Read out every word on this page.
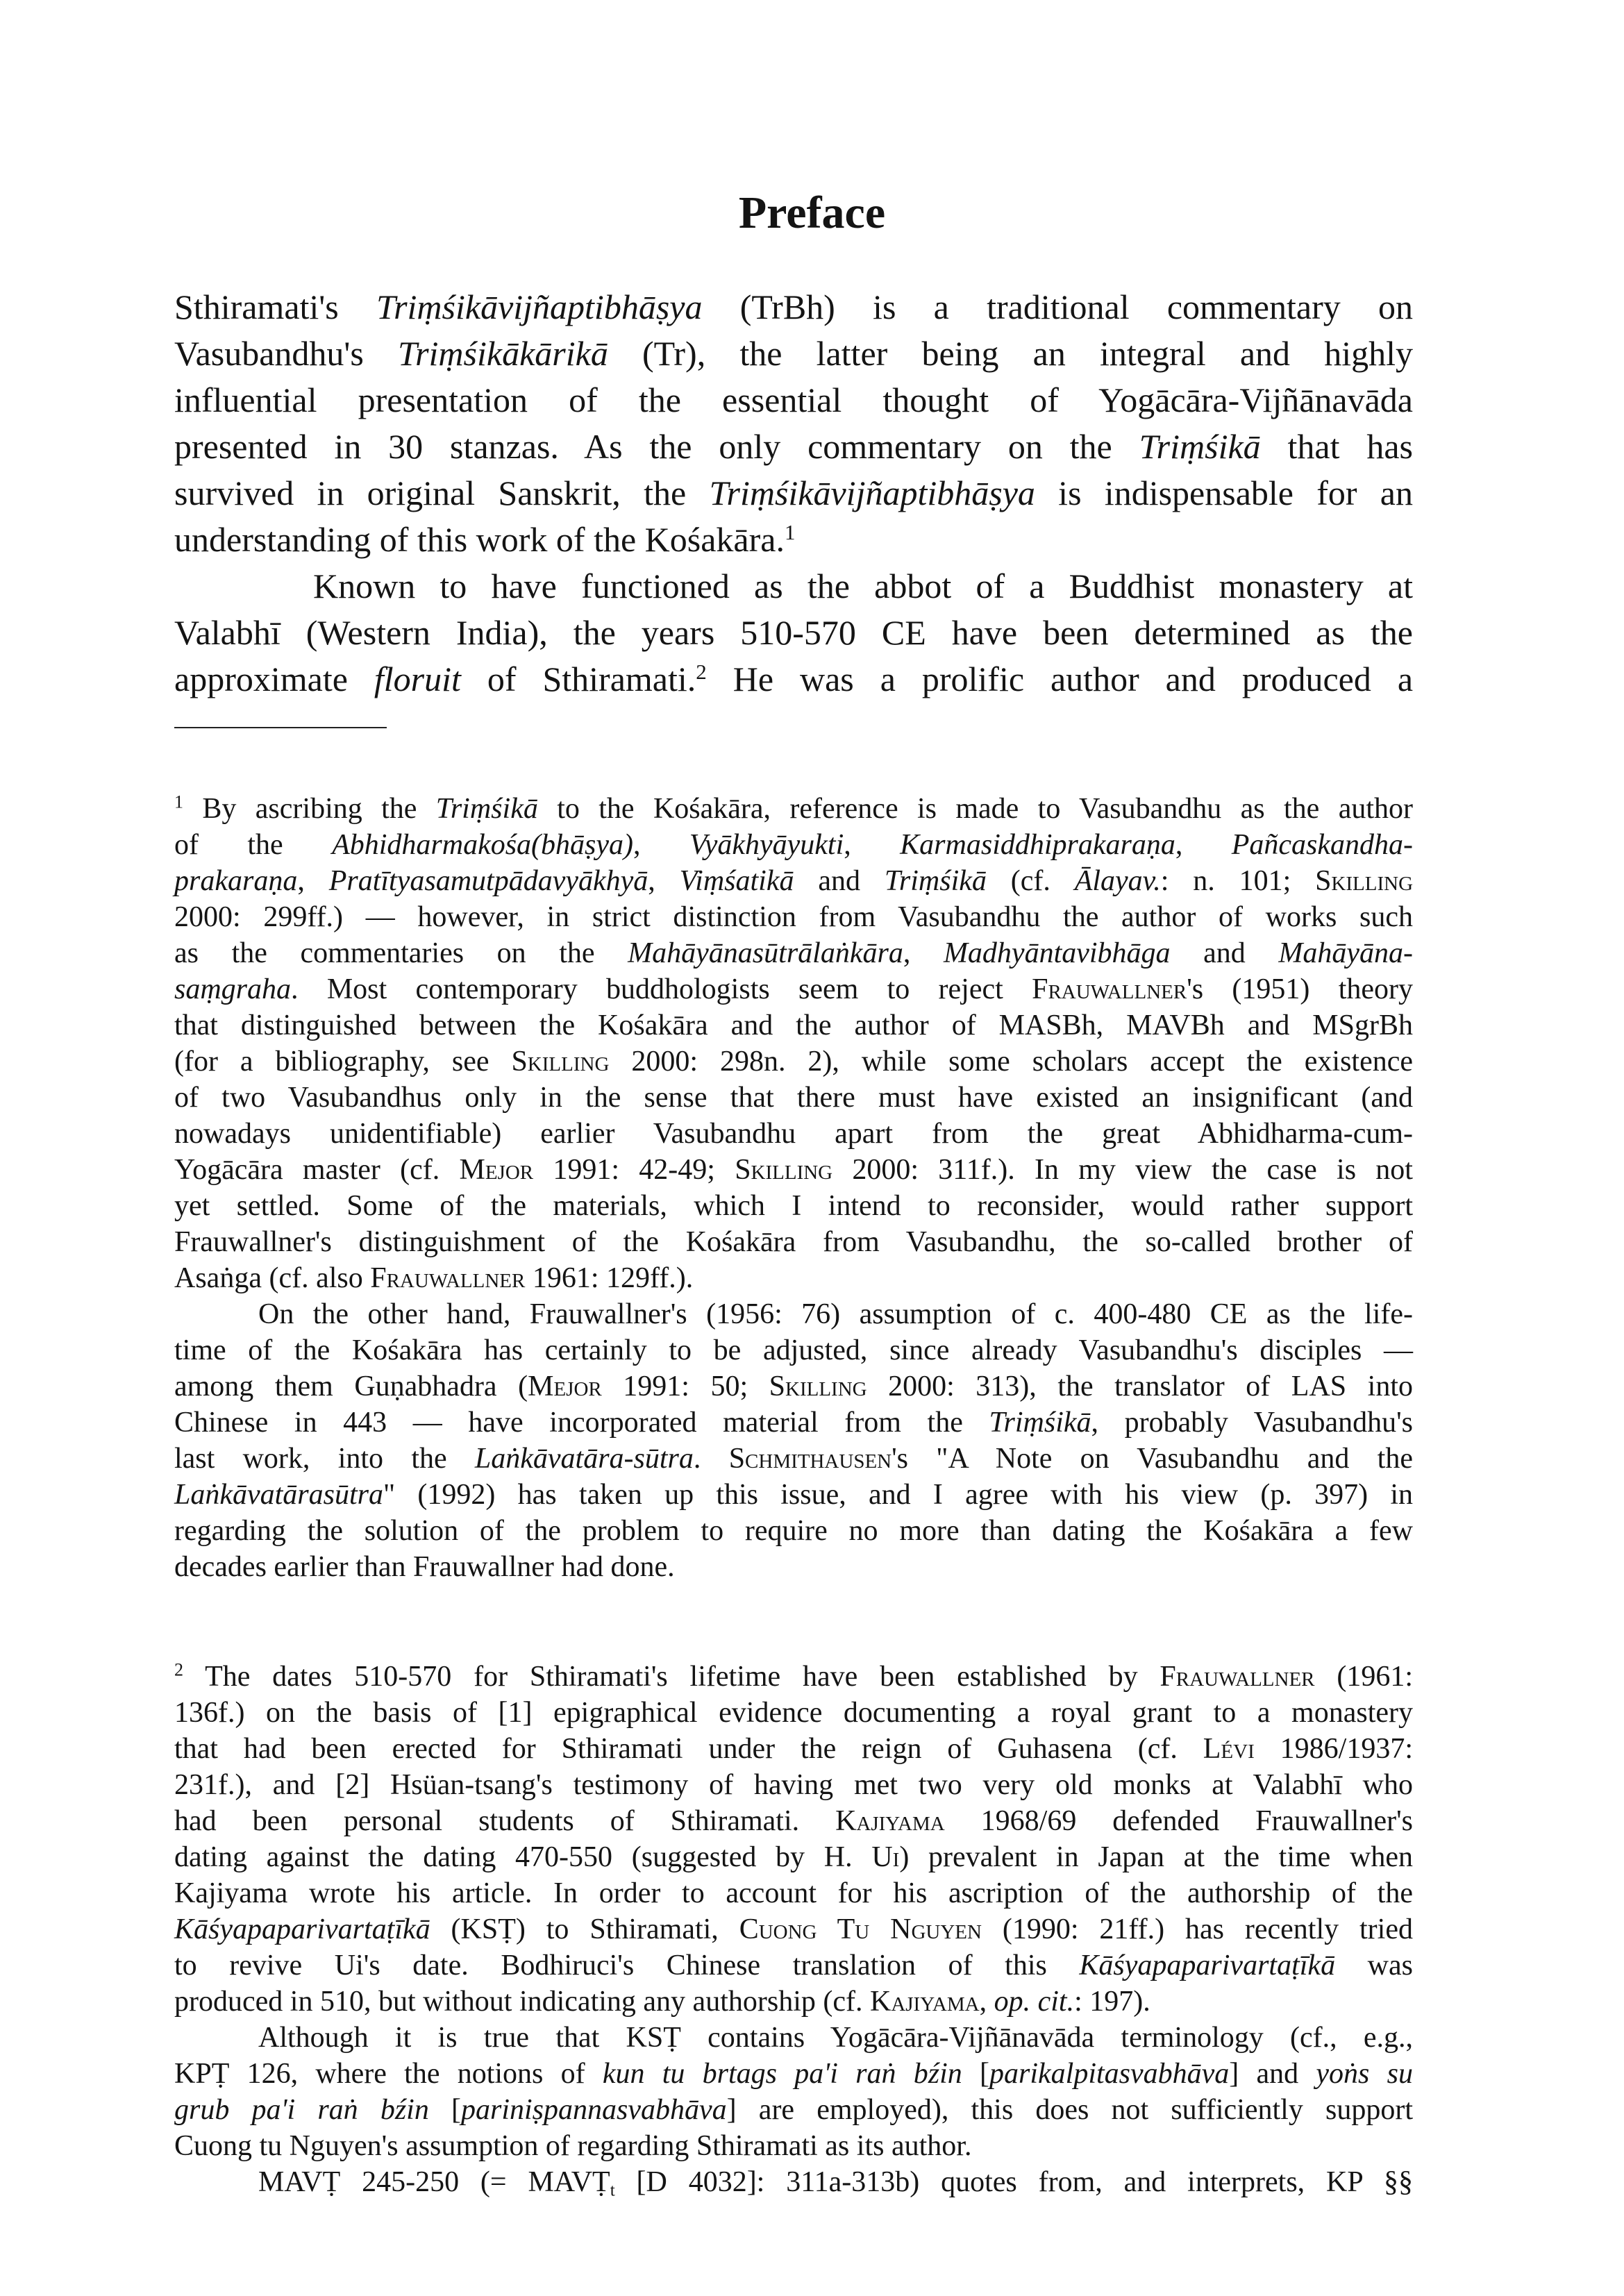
Preface
Sthiramati's Triṃśikāvijñaptibhāṣya (TrBh) is a traditional commentary on
Vasubandhu's Triṃśikākārikā (Tr), the latter being an integral and highly
influential presentation of the essential thought of Yogācāra-Vijñānavāda
presented in 30 stanzas. As the only commentary on the Triṃśikā that has
survived in original Sanskrit, the Triṃśikāvijñaptibhāṣya is indispensable for an
understanding of this work of the Kośakāra.$^1$
Known to have functioned as the abbot of a Buddhist monastery at
Valabhī (Western India), the years 510-570 CE have been determined as the
approximate floruit of Sthiramati.$^2$ He was a prolific author and produced a
$^1$ By ascribing the Triṃśikā to the Kośakāra, reference is made to Vasubandhu as the author
of the Abhidharmakośa(bhāṣya), Vyākhyāyukti, Karmasiddhiprakaraṇa, Pañcaskandha-
prakaraṇa, Pratītyasamutpādavyākhyā, Viṃśatikā and Triṃśikā (cf. Ālayav.: n. 101; Skilling
2000: 299ff.) — however, in strict distinction from Vasubandhu the author of works such
as the commentaries on the Mahāyānasūtrālaṅkāra, Madhyāntavibhāga and Mahāyāna-
saṃgraha. Most contemporary buddhologists seem to reject Frauwallner's (1951) theory
that distinguished between the Kośakāra and the author of MASBh, MAVBh and MSgrBh
(for a bibliography, see Skilling 2000: 298n. 2), while some scholars accept the existence
of two Vasubandhus only in the sense that there must have existed an insignificant (and
nowadays unidentifiable) earlier Vasubandhu apart from the great Abhidharma-cum-
Yogācāra master (cf. Mejor 1991: 42-49; Skilling 2000: 311f.). In my view the case is not
yet settled. Some of the materials, which I intend to reconsider, would rather support
Frauwallner's distinguishment of the Kośakāra from Vasubandhu, the so-called brother of
Asaṅga (cf. also Frauwallner 1961: 129ff.).
On the other hand, Frauwallner's (1956: 76) assumption of c. 400-480 CE as the life-
time of the Kośakāra has certainly to be adjusted, since already Vasubandhu's disciples —
among them Guṇabhadra (Mejor 1991: 50; Skilling 2000: 313), the translator of LAS into
Chinese in 443 — have incorporated material from the Triṃśikā, probably Vasubandhu's
last work, into the Laṅkāvatāra-sūtra. Schmithausen's "A Note on Vasubandhu and the
Laṅkāvatārasūtra" (1992) has taken up this issue, and I agree with his view (p. 397) in
regarding the solution of the problem to require no more than dating the Kośakāra a few
decades earlier than Frauwallner had done.
$^2$ The dates 510-570 for Sthiramati's lifetime have been established by Frauwallner (1961:
136f.) on the basis of [1] epigraphical evidence documenting a royal grant to a monastery
that had been erected for Sthiramati under the reign of Guhasena (cf. Lévi 1986/1937:
231f.), and [2] Hsüan-tsang's testimony of having met two very old monks at Valabhī who
had been personal students of Sthiramati. Kajiyama 1968/69 defended Frauwallner's
dating against the dating 470-550 (suggested by H. Ui) prevalent in Japan at the time when
Kajiyama wrote his article. In order to account for his ascription of the authorship of the
Kāśyapaparivartaṭīkā (KSṬ) to Sthiramati, Cuong Tu Nguyen (1990: 21ff.) has recently tried
to revive Ui's date. Bodhiruci's Chinese translation of this Kāśyapaparivartaṭīkā was
produced in 510, but without indicating any authorship (cf. Kajiyama, op. cit.: 197).
Although it is true that KSṬ contains Yogācāra-Vijñānavāda terminology (cf., e.g.,
KPṬ 126, where the notions of kun tu brtags pa'i raṅ bźin [parikalpitasvabhāva] and yoṅs su
grub pa'i raṅ bźin [pariniṣpannasvabhāva] are employed), this does not sufficiently support
Cuong tu Nguyen's assumption of regarding Sthiramati as its author.
MAVṬ 245-250 (= MAVṬ$_t$ [D 4032]: 311a-313b) quotes from, and interprets, KP §§
